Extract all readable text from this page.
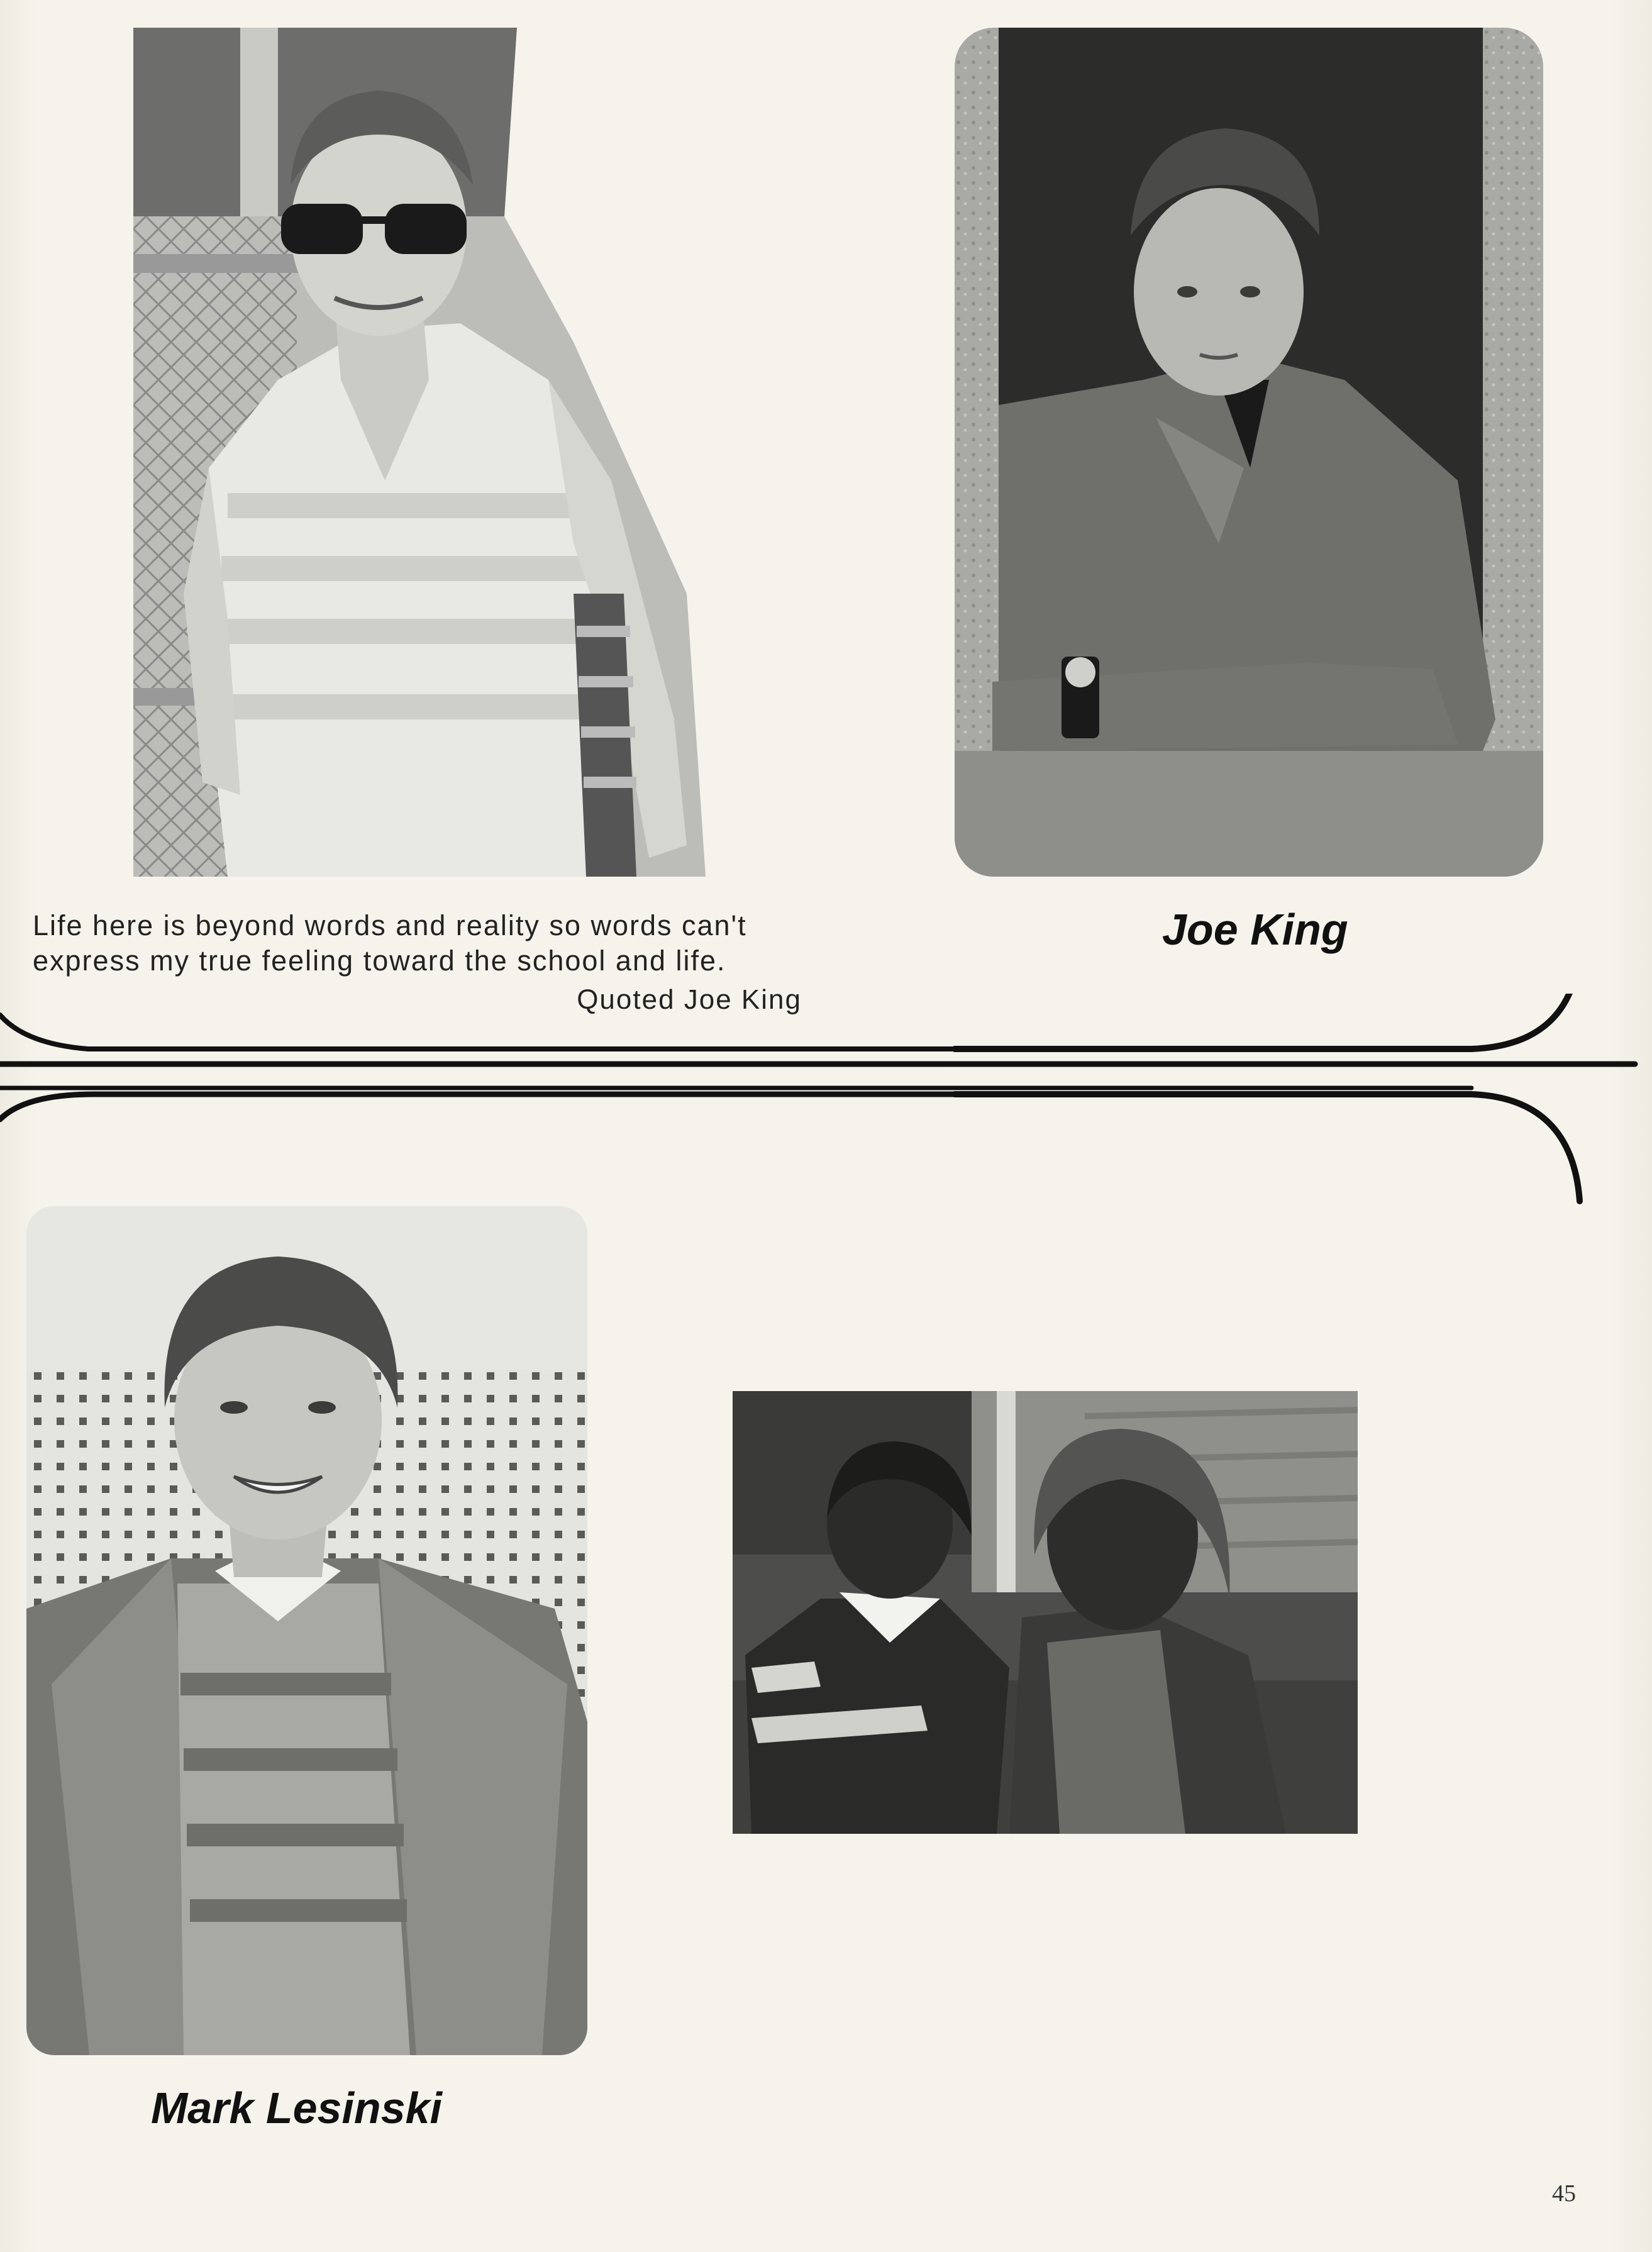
Life here is beyond words and reality so words can't
express my true feeling toward the school and life.
Quoted Joe King
Joe King
Mark Lesinski
45
